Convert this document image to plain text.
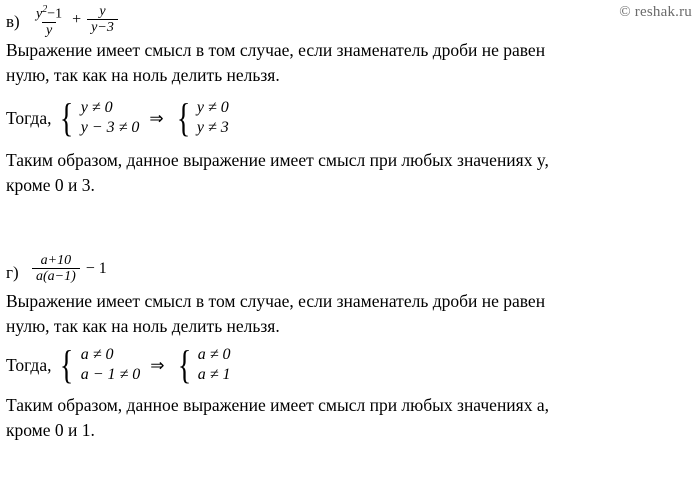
© reshak.ru
$в) \frac{y^2-1}{y} + \frac{y}{y-3}$

Выражение имеет смысл в том случае, если знаменатель дроби не равен

нулю, так как на ноль делить нельзя.

Тогда, { y ≠ 0
y − 3 ≠ 0 ⇒ { y ≠ 0
y ≠ 3

Таким образом, данное выражение имеет смысл при любых значениях y,

кроме 0 и 3.

$г) \frac{a+10}{a(a-1)} - 1$

Выражение имеет смысл в том случае, если знаменатель дроби не равен

нулю, так как на ноль делить нельзя.

Тогда, { a ≠ 0
a − 1 ≠ 0 ⇒ { a ≠ 0
a ≠ 1

Таким образом, данное выражение имеет смысл при любых значениях a,

кроме 0 и 1.
